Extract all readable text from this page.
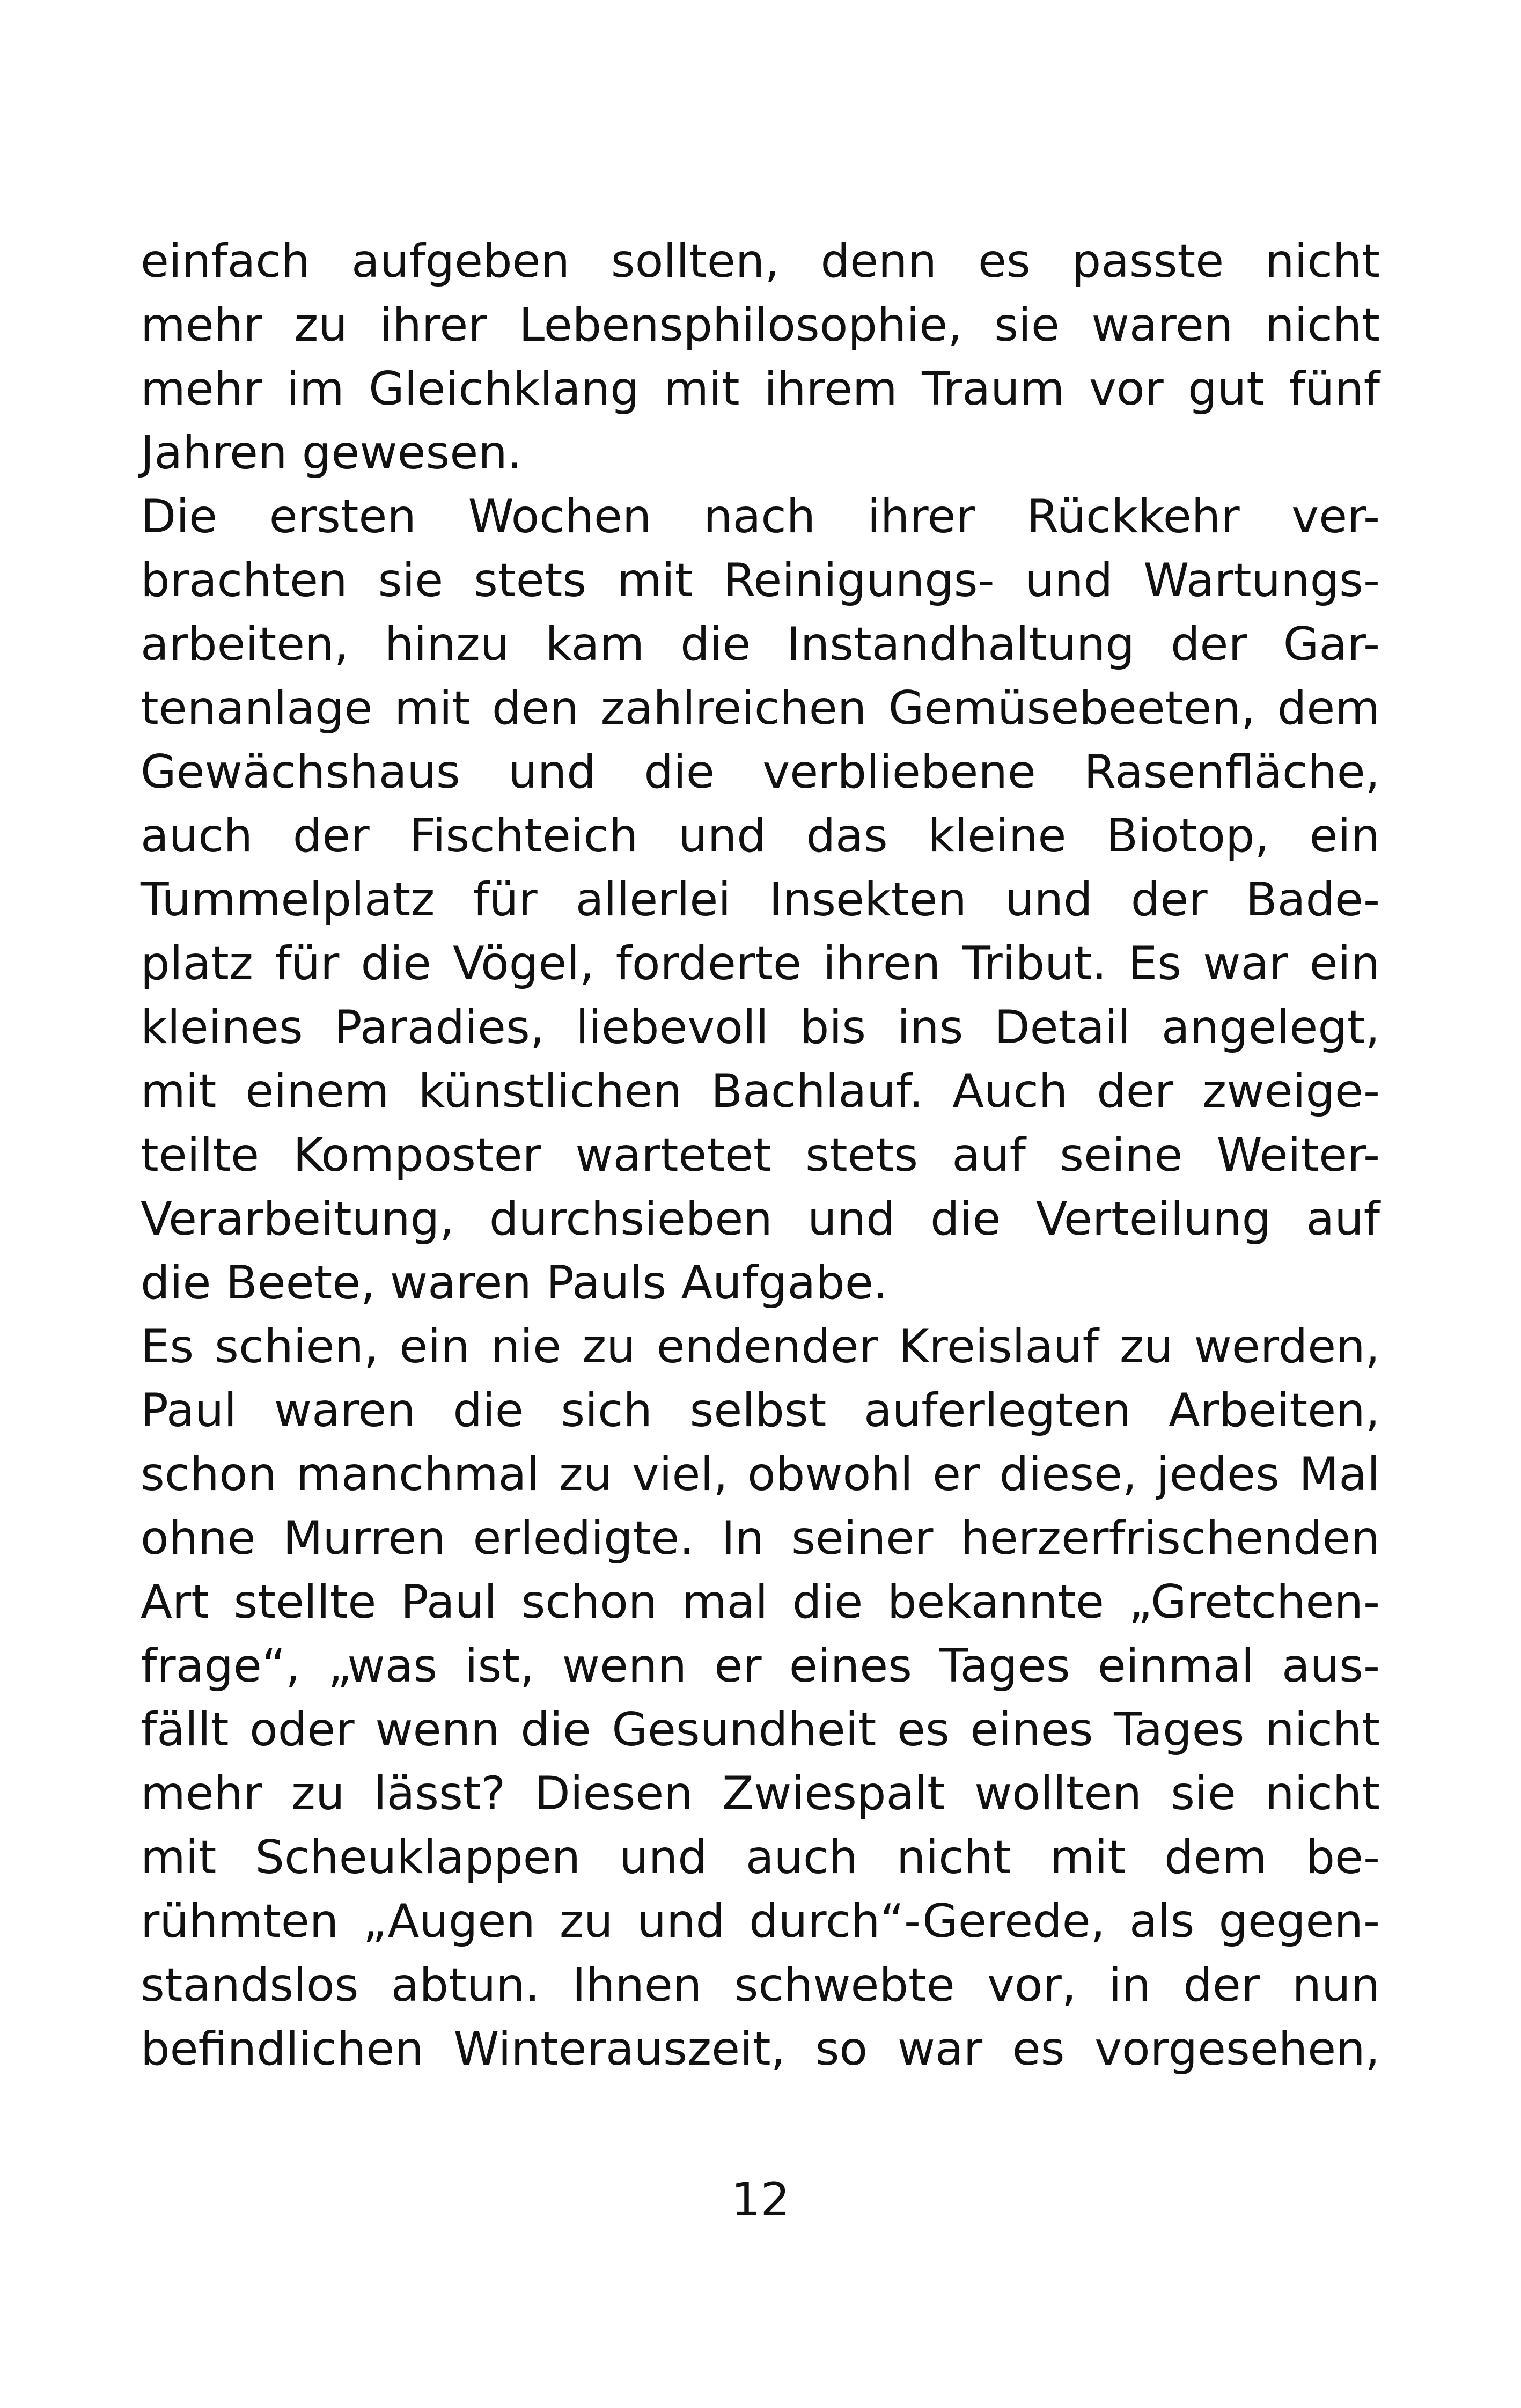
einfach aufgeben sollten, denn es passte nicht
mehr zu ihrer Lebensphilosophie, sie waren nicht
mehr im Gleichklang mit ihrem Traum vor gut fünf
Jahren gewesen.
Die ersten Wochen nach ihrer Rückkehr ver-
brachten sie stets mit Reinigungs- und Wartungs-
arbeiten, hinzu kam die Instandhaltung der Gar-
tenanlage mit den zahlreichen Gemüsebeeten, dem
Gewächshaus und die verbliebene Rasenfläche,
auch der Fischteich und das kleine Biotop, ein
Tummelplatz für allerlei Insekten und der Bade-
platz für die Vögel, forderte ihren Tribut. Es war ein
kleines Paradies, liebevoll bis ins Detail angelegt,
mit einem künstlichen Bachlauf. Auch der zweige-
teilte Komposter wartetet stets auf seine Weiter-
Verarbeitung, durchsieben und die Verteilung auf
die Beete, waren Pauls Aufgabe.
Es schien, ein nie zu endender Kreislauf zu werden,
Paul waren die sich selbst auferlegten Arbeiten,
schon manchmal zu viel, obwohl er diese, jedes Mal
ohne Murren erledigte. In seiner herzerfrischenden
Art stellte Paul schon mal die bekannte „Gretchen-
frage“, „was ist, wenn er eines Tages einmal aus-
fällt oder wenn die Gesundheit es eines Tages nicht
mehr zu lässt? Diesen Zwiespalt wollten sie nicht
mit Scheuklappen und auch nicht mit dem be-
rühmten „Augen zu und durch“-Gerede, als gegen-
standslos abtun. Ihnen schwebte vor, in der nun
befindlichen Winterauszeit, so war es vorgesehen,
12
